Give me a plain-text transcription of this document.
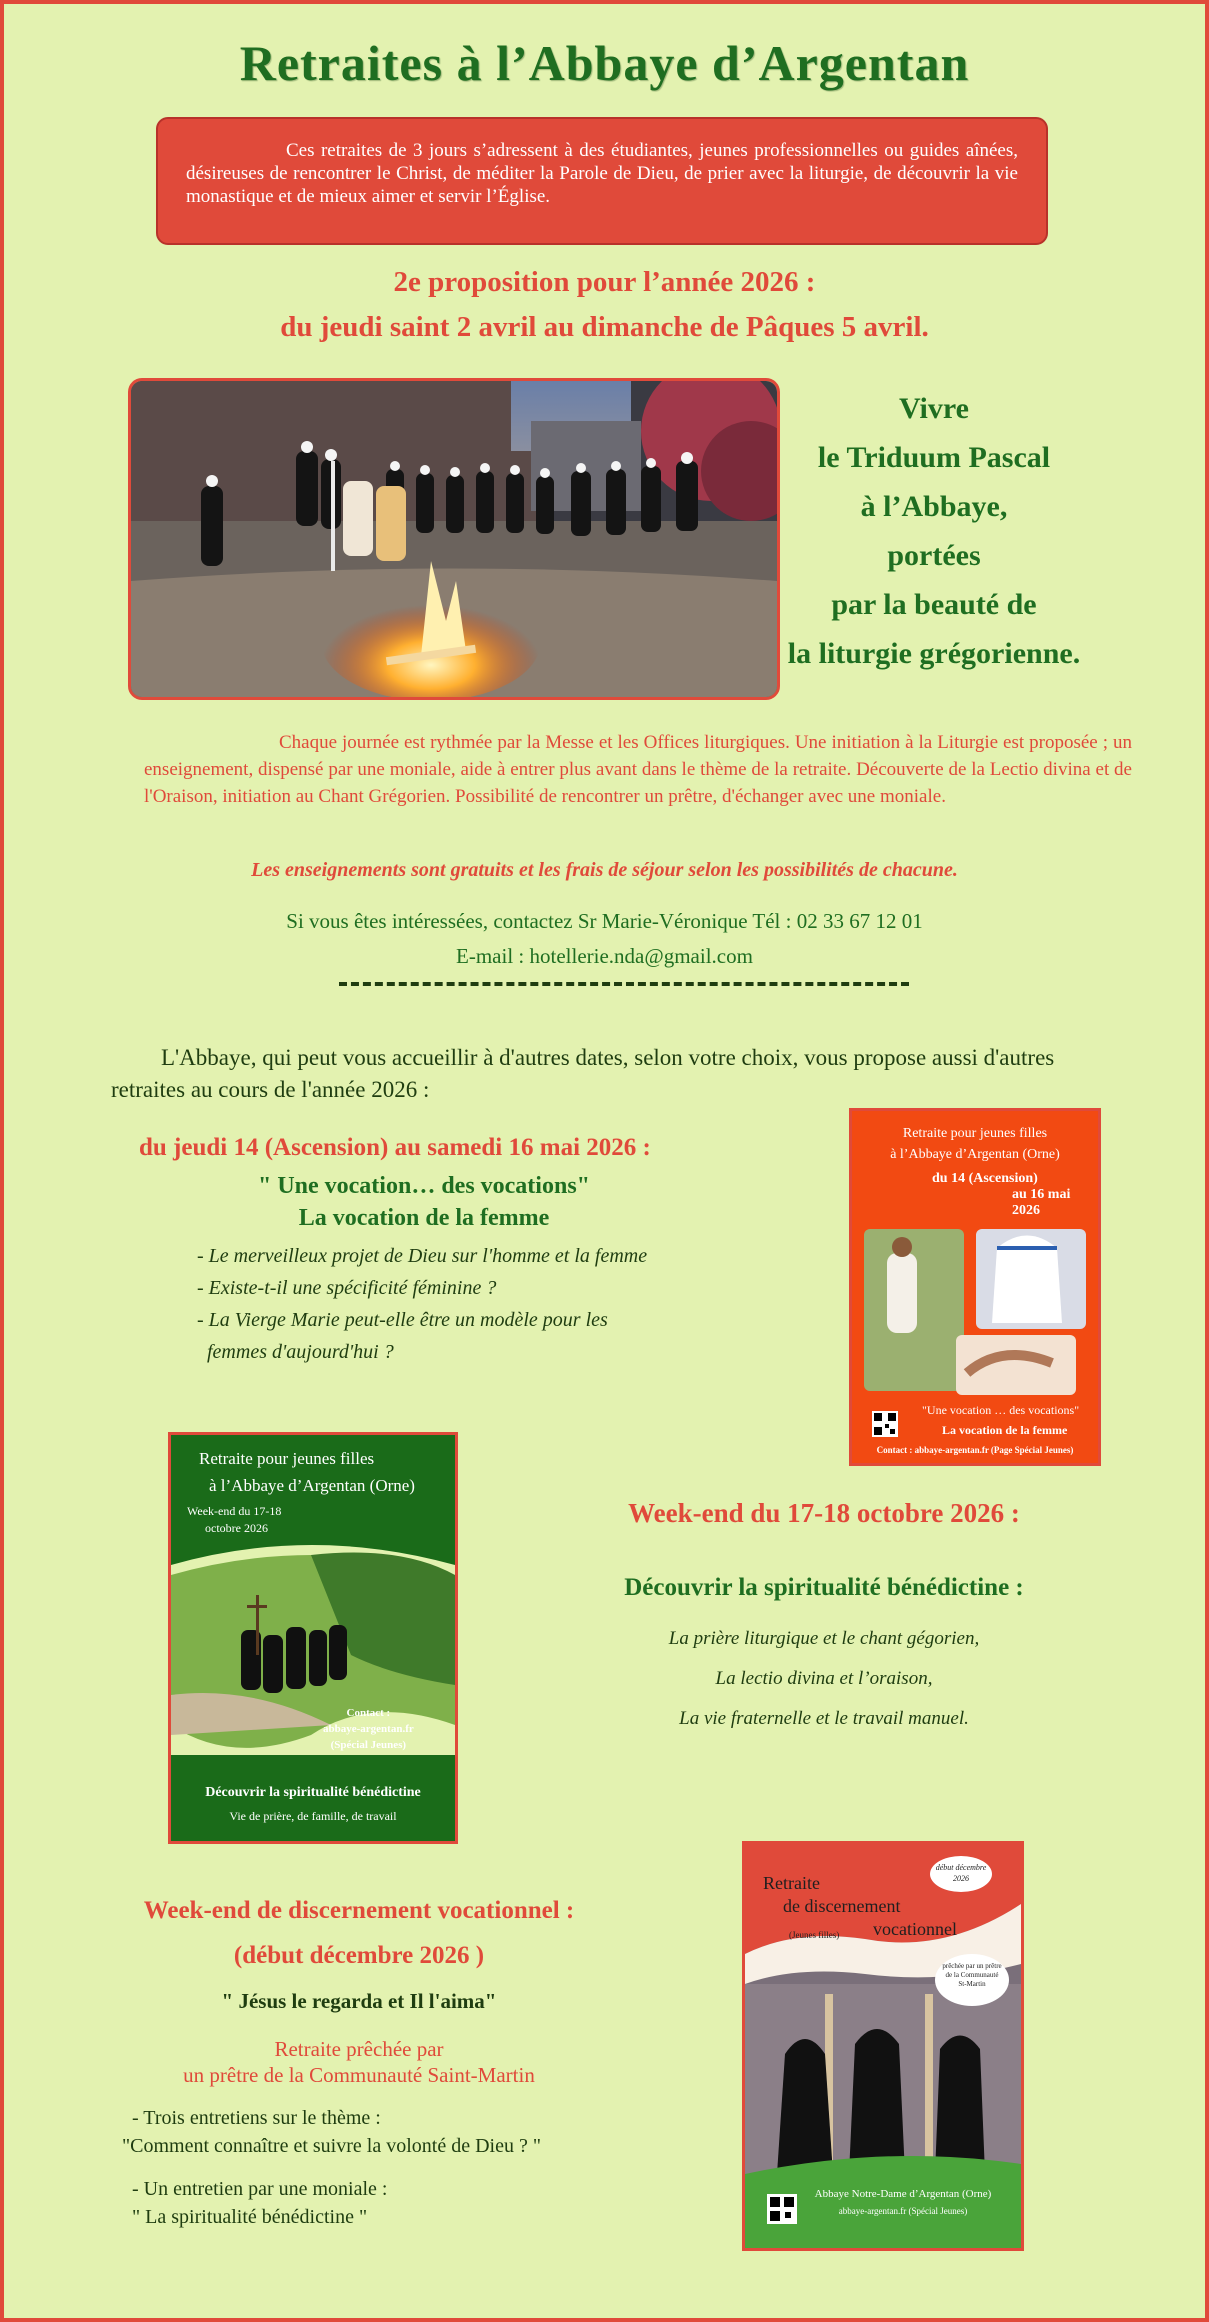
Retraites à l’Abbaye d’Argentan
Ces retraites de 3 jours s’adressent à des étudiantes, jeunes professionnelles ou guides aînées, désireuses de rencontrer le Christ, de méditer la Parole de Dieu, de prier avec la liturgie, de découvrir la vie monastique et de mieux aimer et servir l’Église.
2e proposition pour l’année 2026 :
du jeudi saint 2 avril au dimanche de Pâques 5 avril.
Vivre
le Triduum Pascal
à l’Abbaye,
portées
par la beauté de
la liturgie grégorienne.
Chaque journée est rythmée par la Messe et les Offices liturgiques. Une initiation à la Liturgie est proposée ; un enseignement, dispensé par une moniale, aide à entrer plus avant dans le thème de la retraite. Découverte de la Lectio divina et de l'Oraison, initiation au Chant Grégorien. Possibilité de rencontrer un prêtre, d'échanger avec une moniale.
Les enseignements sont gratuits et les frais de séjour selon les possibilités de chacune.
Si vous êtes intéressées, contactez Sr Marie-Véronique Tél : 02 33 67 12 01
E-mail : hotellerie.nda@gmail.com
L'Abbaye, qui peut vous accueillir à d'autres dates, selon votre choix, vous propose aussi d'autres retraites au cours de l'année 2026 :
du jeudi 14 (Ascension) au samedi 16 mai 2026 :
" Une vocation… des vocations"
La vocation de la femme
- Le merveilleux projet de Dieu sur l'homme et la femme
- Existe-t-il une spécificité féminine ?
- La Vierge Marie peut-elle être un modèle pour les
femmes d'aujourd'hui ?
Retraite pour jeunes filles
à l’Abbaye d’Argentan (Orne)
du 14 (Ascension)
au 16 mai 2026
"Une vocation … des vocations"
La vocation de la femme
Contact : abbaye-argentan.fr (Page Spécial Jeunes)
Retraite pour jeunes filles
à l’Abbaye d’Argentan (Orne)
Week-end du 17-18
octobre 2026
Contact :
abbaye-argentan.fr
(Spécial Jeunes)
Découvrir la spiritualité bénédictine
Vie de prière, de famille, de travail
Week-end du 17-18 octobre 2026 :
Découvrir la spiritualité bénédictine :
La prière liturgique et le chant gégorien,
La lectio divina et l’oraison,
La vie fraternelle et le travail manuel.
Week-end de discernement vocationnel :
(début décembre 2026 )
" Jésus le regarda et Il l'aima"
Retraite prêchée par
un prêtre de la Communauté Saint-Martin
- Trois entretiens sur le thème :
"Comment connaître et suivre la volonté de Dieu ? "
- Un entretien par une moniale :
" La spiritualité bénédictine "
Retraite
de discernement
vocationnel
(Jeunes filles)
début décembre
2026
prêchée par un prêtre de la Communauté St-Martin
Abbaye Notre-Dame d’Argentan (Orne)
abbaye-argentan.fr (Spécial Jeunes)
